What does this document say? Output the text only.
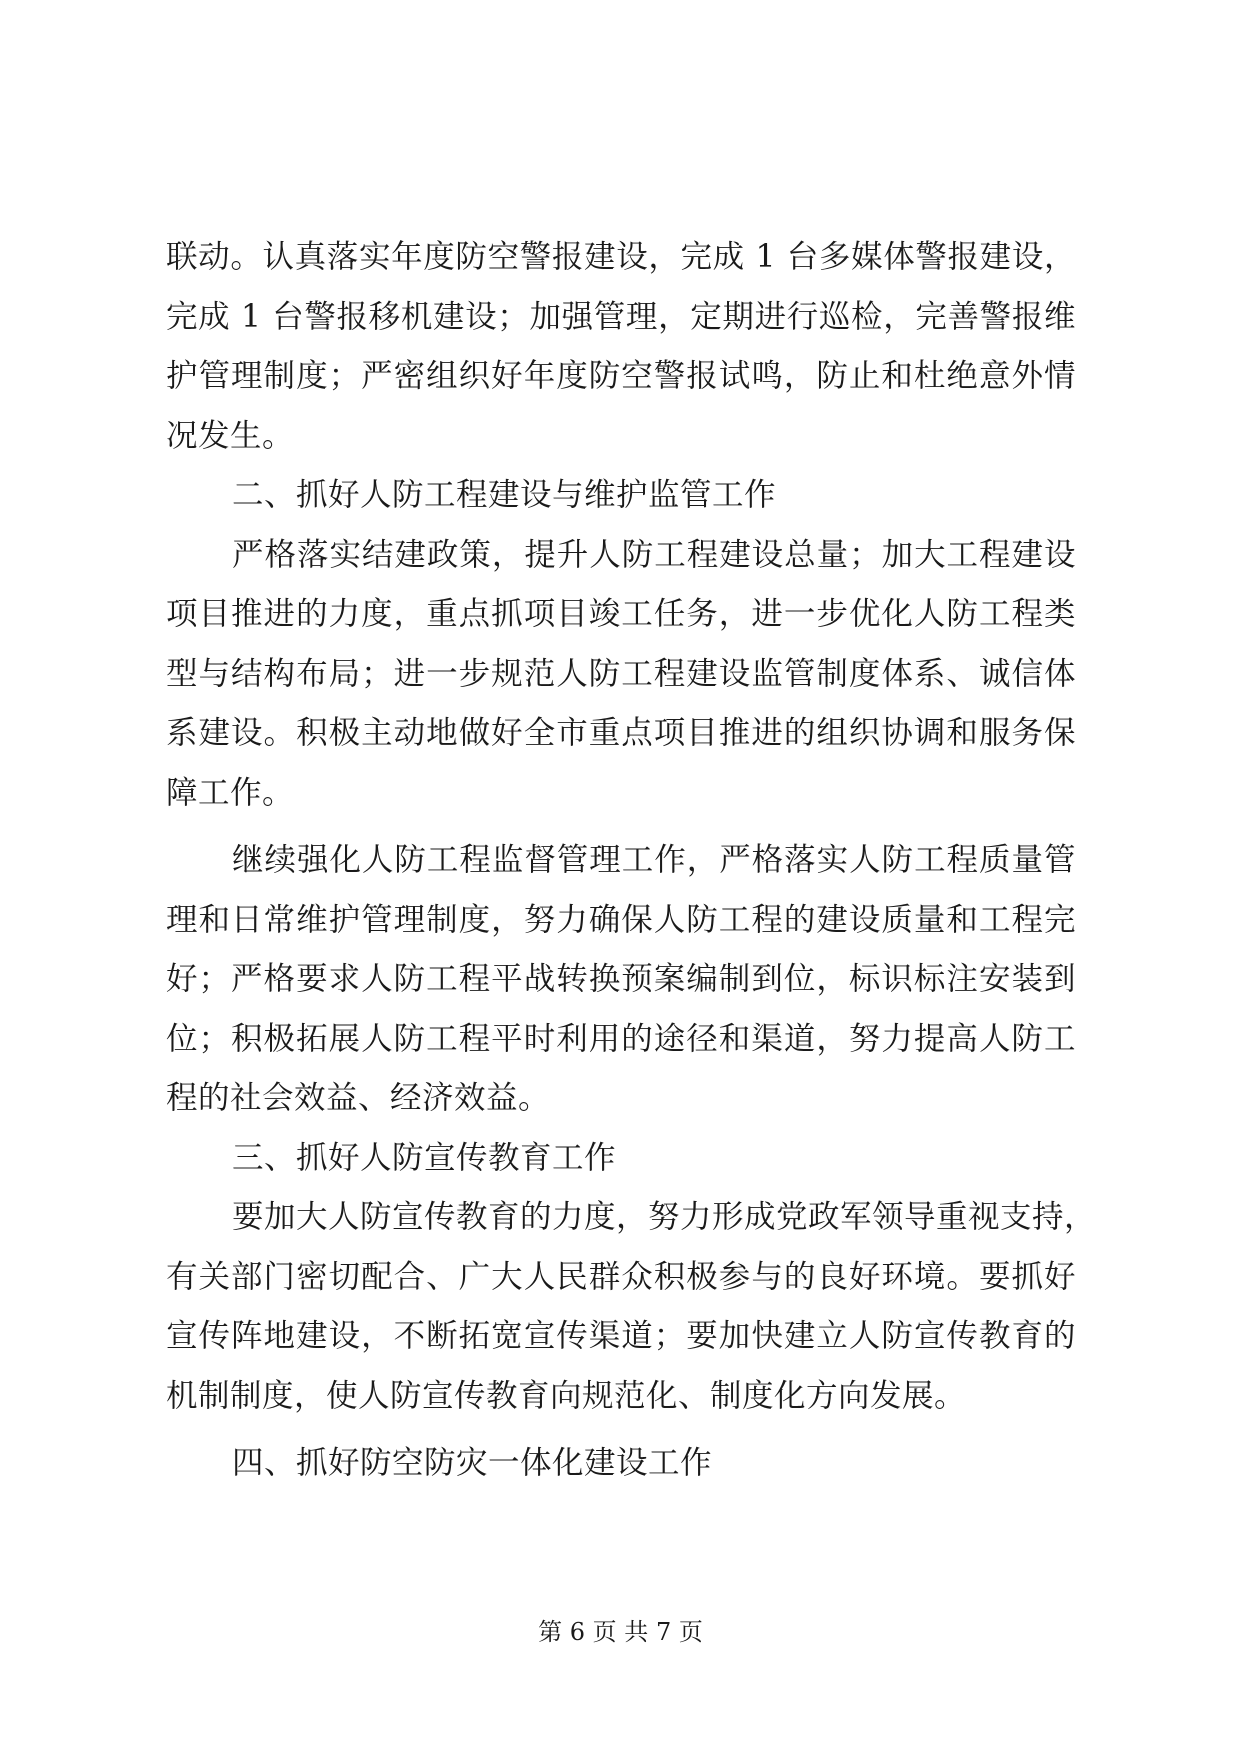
联动。认真落实年度防空警报建设，完成 1 台多媒体警报建设，
完成 1 台警报移机建设；加强管理，定期进行巡检，完善警报维
护管理制度；严密组织好年度防空警报试鸣，防止和杜绝意外情
况发生。
二、抓好人防工程建设与维护监管工作
严格落实结建政策，提升人防工程建设总量；加大工程建设
项目推进的力度，重点抓项目竣工任务，进一步优化人防工程类
型与结构布局；进一步规范人防工程建设监管制度体系、诚信体
系建设。积极主动地做好全市重点项目推进的组织协调和服务保
障工作。
继续强化人防工程监督管理工作，严格落实人防工程质量管
理和日常维护管理制度，努力确保人防工程的建设质量和工程完
好；严格要求人防工程平战转换预案编制到位，标识标注安装到
位；积极拓展人防工程平时利用的途径和渠道，努力提高人防工
程的社会效益、经济效益。
三、抓好人防宣传教育工作
要加大人防宣传教育的力度，努力形成党政军领导重视支持，
有关部门密切配合、广大人民群众积极参与的良好环境。要抓好
宣传阵地建设，不断拓宽宣传渠道；要加快建立人防宣传教育的
机制制度，使人防宣传教育向规范化、制度化方向发展。
四、抓好防空防灾一体化建设工作
第 6 页 共 7 页
